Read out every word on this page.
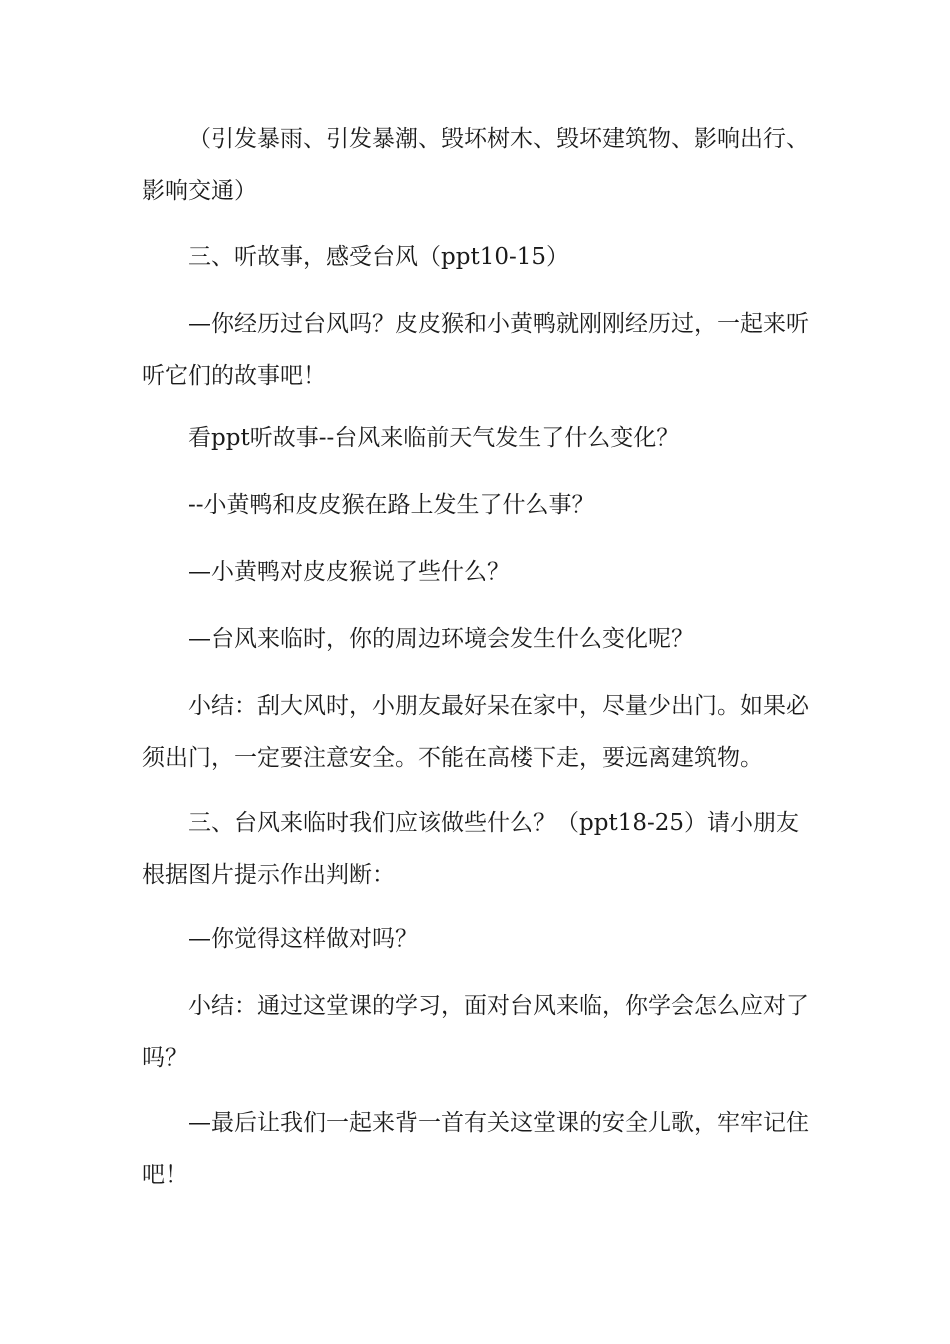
（引发暴雨、引发暴潮、毁坏树木、毁坏建筑物、影响出行、影响交通）

三、听故事，感受台风（ppt10-15）

—你经历过台风吗？皮皮猴和小黄鸭就刚刚经历过，一起来听听它们的故事吧！

看ppt听故事--台风来临前天气发生了什么变化？

--小黄鸭和皮皮猴在路上发生了什么事？

—小黄鸭对皮皮猴说了些什么？

—台风来临时，你的周边环境会发生什么变化呢？

小结：刮大风时，小朋友最好呆在家中，尽量少出门。如果必须出门，一定要注意安全。不能在高楼下走，要远离建筑物。

三、台风来临时我们应该做些什么？（ppt18-25）请小朋友根据图片提示作出判断：

—你觉得这样做对吗？

小结：通过这堂课的学习，面对台风来临，你学会怎么应对了吗？

—最后让我们一起来背一首有关这堂课的安全儿歌，牢牢记住吧！
